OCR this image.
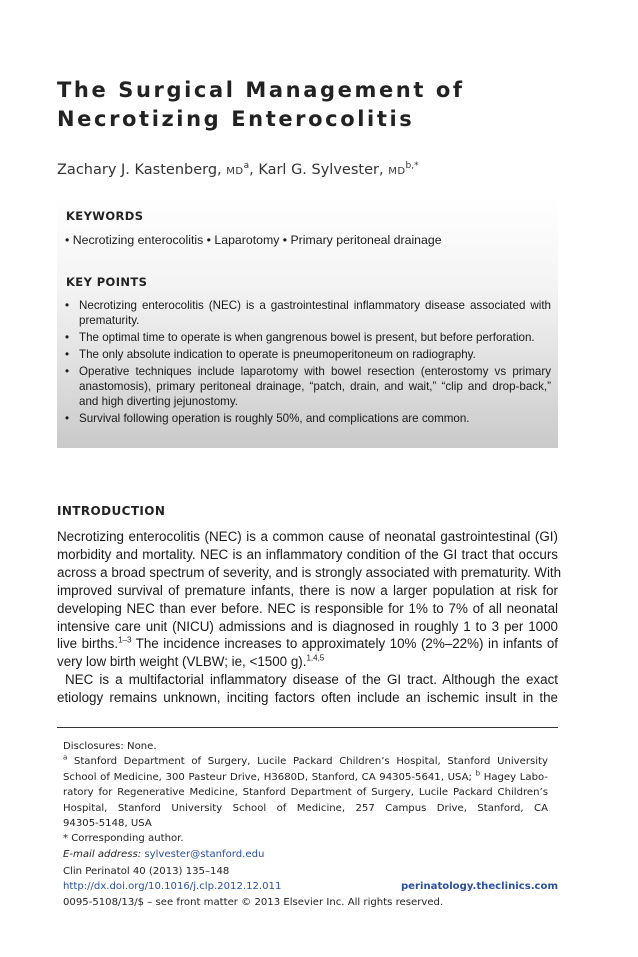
The Surgical Management of
Necrotizing Enterocolitis
Zachary J. Kastenberg, $MD^a$, Karl G. Sylvester, $MD^{b,*}$
KEYWORDS
• Necrotizing enterocolitis • Laparotomy • Primary peritoneal drainage
KEY POINTS
• Necrotizing enterocolitis (NEC) is a gastrointestinal inflammatory disease associated with prematurity.
• The optimal time to operate is when gangrenous bowel is present, but before perforation.
• The only absolute indication to operate is pneumoperitoneum on radiography.
• Operative techniques include laparotomy with bowel resection (enterostomy vs primary anastomosis), primary peritoneal drainage, “patch, drain, and wait,” “clip and drop-back,” and high diverting jejunostomy.
• Survival following operation is roughly 50%, and complications are common.
INTRODUCTION
Necrotizing enterocolitis (NEC) is a common cause of neonatal gastrointestinal (GI)
morbidity and mortality. NEC is an inflammatory condition of the GI tract that occurs
across a broad spectrum of severity, and is strongly associated with prematurity. With
improved survival of premature infants, there is now a larger population at risk for
developing NEC than ever before. NEC is responsible for 1% to 7% of all neonatal
intensive care unit (NICU) admissions and is diagnosed in roughly 1 to 3 per 1000
live births.$^{1-3}$ The incidence increases to approximately 10% (2%–22%) in infants of
very low birth weight (VLBW; ie, <1500 g).$^{1,4,5}$
NEC is a multifactorial inflammatory disease of the GI tract. Although the exact
etiology remains unknown, inciting factors often include an ischemic insult in the
Disclosures: None.
$^a$ Stanford Department of Surgery, Lucile Packard Children’s Hospital, Stanford University
School of Medicine, 300 Pasteur Drive, H3680D, Stanford, CA 94305-5641, USA; $^b$ Hagey Labo-
ratory for Regenerative Medicine, Stanford Department of Surgery, Lucile Packard Children’s
Hospital, Stanford University School of Medicine, 257 Campus Drive, Stanford, CA
94305-5148, USA
* Corresponding author.
E-mail address: sylvester@stanford.edu
Clin Perinatol 40 (2013) 135–148
http://dx.doi.org/10.1016/j.clp.2012.12.011	perinatology.theclinics.com
0095-5108/13/$ – see front matter © 2013 Elsevier Inc. All rights reserved.
